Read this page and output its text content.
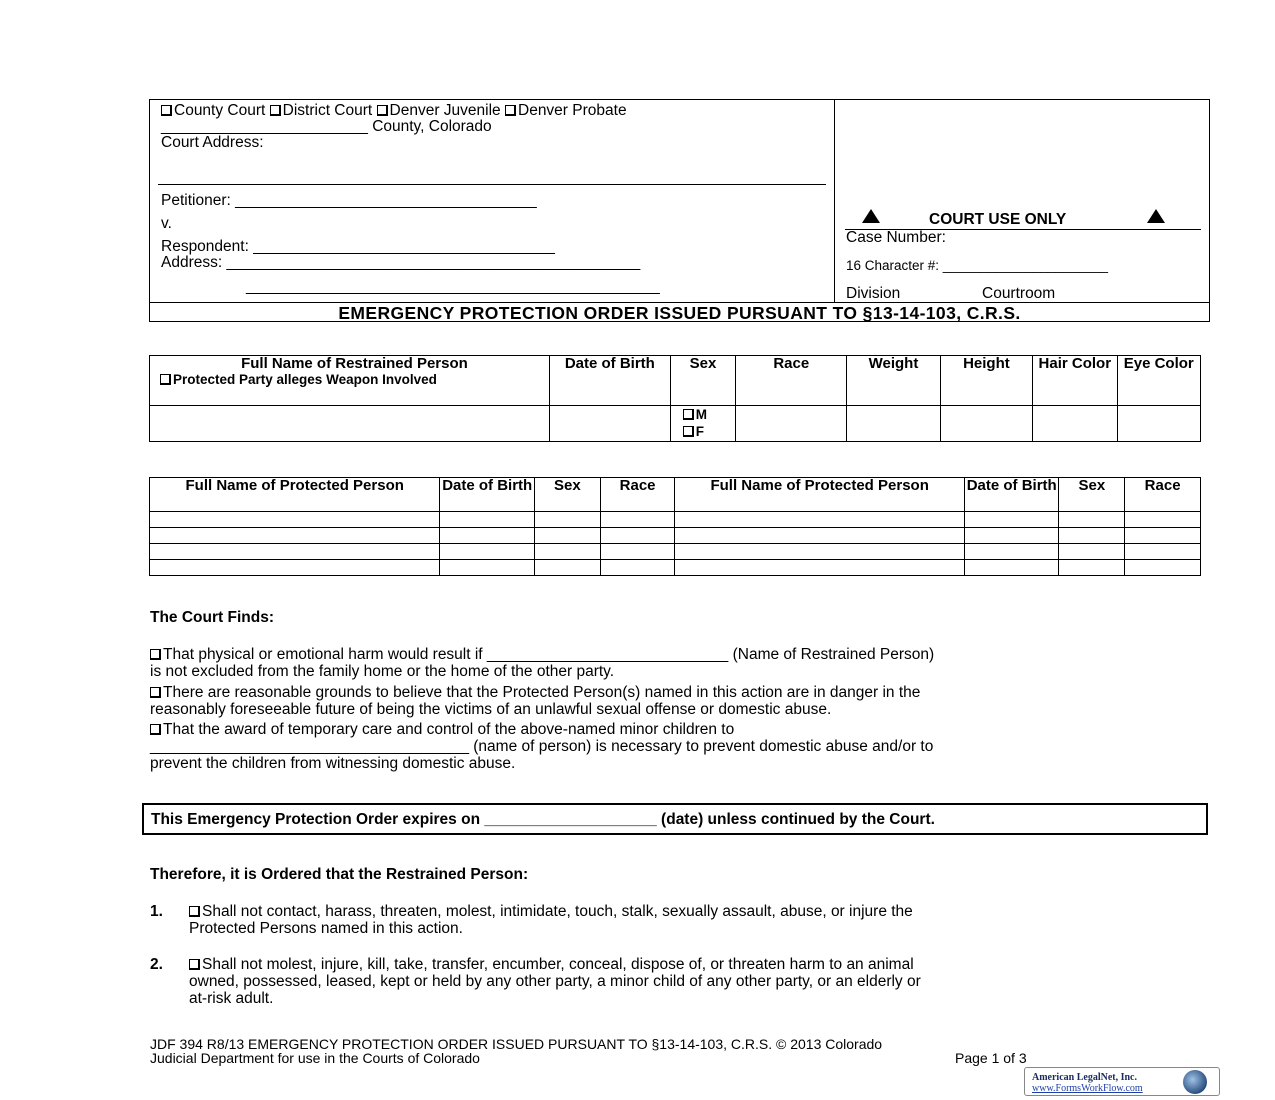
County Court District Court Denver Juvenile Denver Probate
________________________ County, Colorado
Court Address:
Petitioner: ___________________________________
v.
Respondent: ___________________________________
Address: ________________________________________________
________________________________________________
COURT USE ONLY
Case Number:
16 Character #: ______________________
Division	Courtroom
EMERGENCY PROTECTION ORDER ISSUED PURSUANT TO §13-14-103, C.R.S.
Full Name of Restrained Person
Protected Party alleges Weapon Involved	Date of Birth	Sex	Race	Weight	Height	Hair Color	Eye Color

		M
F					

Full Name of Protected Person	Date of Birth	Sex	Race	Full Name of Protected Person	Date of Birth	Sex	Race

The Court Finds:
That physical or emotional harm would result if ____________________________ (Name of Restrained Person)
is not excluded from the family home or the home of the other party.
There are reasonable grounds to believe that the Protected Person(s) named in this action are in danger in the
reasonably foreseeable future of being the victims of an unlawful sexual offense or domestic abuse.
That the award of temporary care and control of the above-named minor children to
_____________________________________ (name of person) is necessary to prevent domestic abuse and/or to
prevent the children from witnessing domestic abuse.
This Emergency Protection Order expires on ____________________ (date) unless continued by the Court.
Therefore, it is Ordered that the Restrained Person:
1.	Shall not contact, harass, threaten, molest, intimidate, touch, stalk, sexually assault, abuse, or injure the
Protected Persons named in this action.
2.	Shall not molest, injure, kill, take, transfer, encumber, conceal, dispose of, or threaten harm to an animal
owned, possessed, leased, kept or held by any other party, a minor child of any other party, or an elderly or
at-risk adult.
JDF 394 R8/13 EMERGENCY PROTECTION ORDER ISSUED PURSUANT TO §13-14-103, C.R.S. © 2013 Colorado
Judicial Department for use in the Courts of Colorado	Page 1 of 3
American LegalNet, Inc.
www.FormsWorkFlow.com
